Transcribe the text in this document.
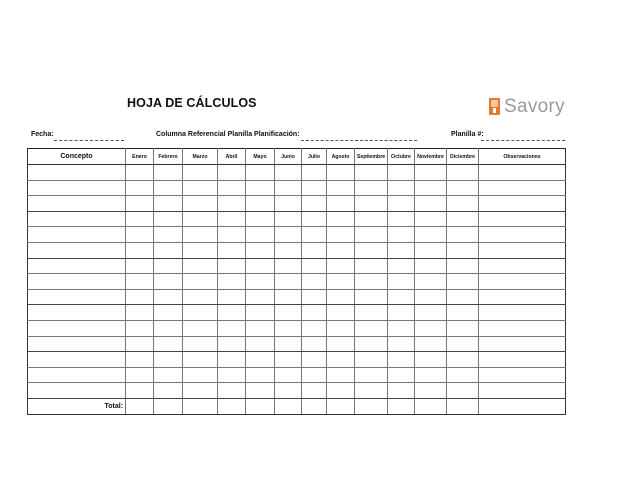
HOJA DE CÁLCULOS	Savory
Fecha:	Columna Referencial Planilla Planificación:	Planilla #:
Concepto	Enero	Febrero	Marzo	Abril	Mayo	Junio	Julio	Agosto	Septiembre	Octubre	Noviembre	Diciembre	Observaciones

Total:													
